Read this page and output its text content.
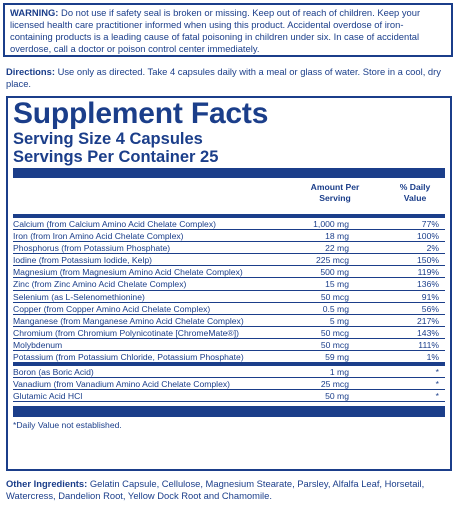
WARNING: Do not use if safety seal is broken or missing. Keep out of reach of children. Keep your licensed health care practitioner informed when using this product. Accidental overdose of iron-containing products is a leading cause of fatal poisoning in children under six. In case of accidental overdose, call a doctor or poison control center immediately.
Directions: Use only as directed. Take 4 capsules daily with a meal or glass of water. Store in a cool, dry place.
Supplement Facts
Serving Size 4 Capsules
Servings Per Container 25
Amount Per
Serving
% Daily
Value
Calcium (from Calcium Amino Acid Chelate Complex)	1,000 mg	77%
Iron (from Iron Amino Acid Chelate Complex)	18 mg	100%
Phosphorus (from Potassium Phosphate)	22 mg	2%
Iodine (from Potassium Iodide, Kelp)	225 mcg	150%
Magnesium (from Magnesium Amino Acid Chelate Complex)	500 mg	119%
Zinc (from Zinc Amino Acid Chelate Complex)	15 mg	136%
Selenium (as L-Selenomethionine)	50 mcg	91%
Copper (from Copper Amino Acid Chelate Complex)	0.5 mg	56%
Manganese (from Manganese Amino Acid Chelate Complex)	5 mg	217%
Chromium (from Chromium Polynicotinate [ChromeMate®])	50 mcg	143%
Molybdenum	50 mcg	111%
Potassium (from Potassium Chloride, Potassium Phosphate)	59 mg	1%
Boron (as Boric Acid)	1 mg	*
Vanadium (from Vanadium Amino Acid Chelate Complex)	25 mcg	*
Glutamic Acid HCl	50 mg	*
*Daily Value not established.
Other Ingredients: Gelatin Capsule, Cellulose, Magnesium Stearate, Parsley, Alfalfa Leaf, Horsetail, Watercress, Dandelion Root, Yellow Dock Root and Chamomile.
